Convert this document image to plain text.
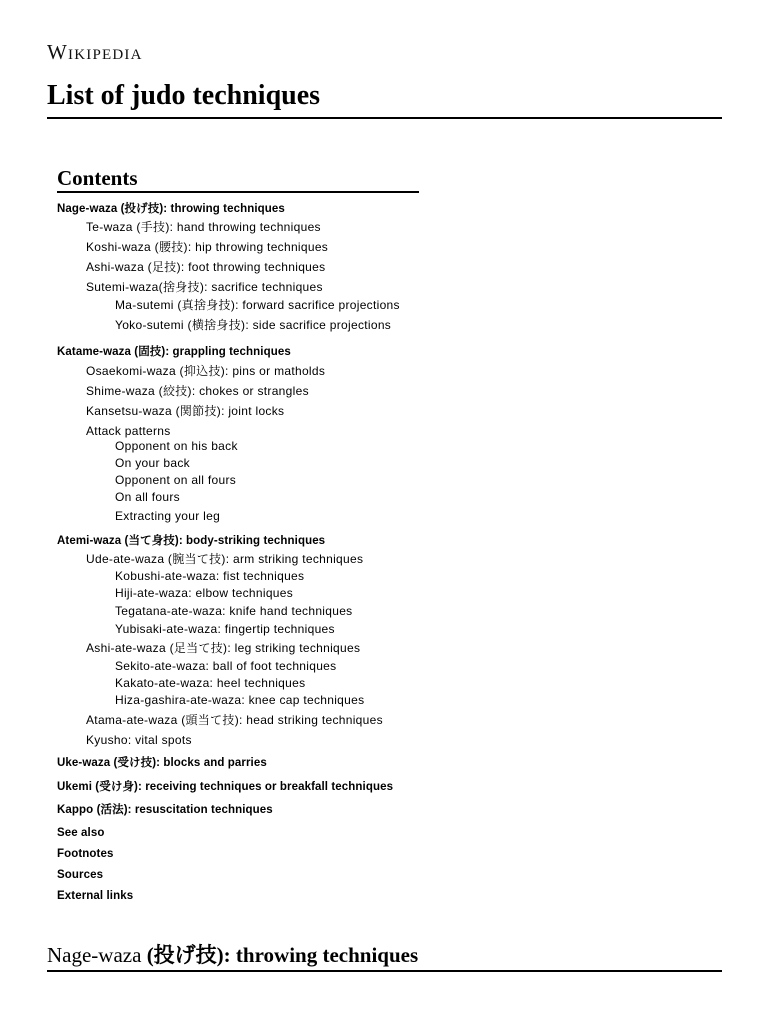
Wikipedia
List of judo techniques
Contents
Nage-waza (投げ技): throwing techniques
Te-waza (手技): hand throwing techniques
Koshi-waza (腰技): hip throwing techniques
Ashi-waza (足技): foot throwing techniques
Sutemi-waza(捨身技): sacrifice techniques
Ma-sutemi (真捨身技): forward sacrifice projections
Yoko-sutemi (横捨身技): side sacrifice projections
Katame-waza (固技): grappling techniques
Osaekomi-waza (抑込技): pins or matholds
Shime-waza (絞技): chokes or strangles
Kansetsu-waza (関節技): joint locks
Attack patterns
Opponent on his back
On your back
Opponent on all fours
On all fours
Extracting your leg
Atemi-waza (当て身技): body-striking techniques
Ude-ate-waza (腕当て技): arm striking techniques
Kobushi-ate-waza: fist techniques
Hiji-ate-waza: elbow techniques
Tegatana-ate-waza: knife hand techniques
Yubisaki-ate-waza: fingertip techniques
Ashi-ate-waza (足当て技): leg striking techniques
Sekito-ate-waza: ball of foot techniques
Kakato-ate-waza: heel techniques
Hiza-gashira-ate-waza: knee cap techniques
Atama-ate-waza (頭当て技): head striking techniques
Kyusho: vital spots
Uke-waza (受け技): blocks and parries
Ukemi (受け身): receiving techniques or breakfall techniques
Kappo (活法): resuscitation techniques
See also
Footnotes
Sources
External links
Nage-waza (投げ技): throwing techniques
